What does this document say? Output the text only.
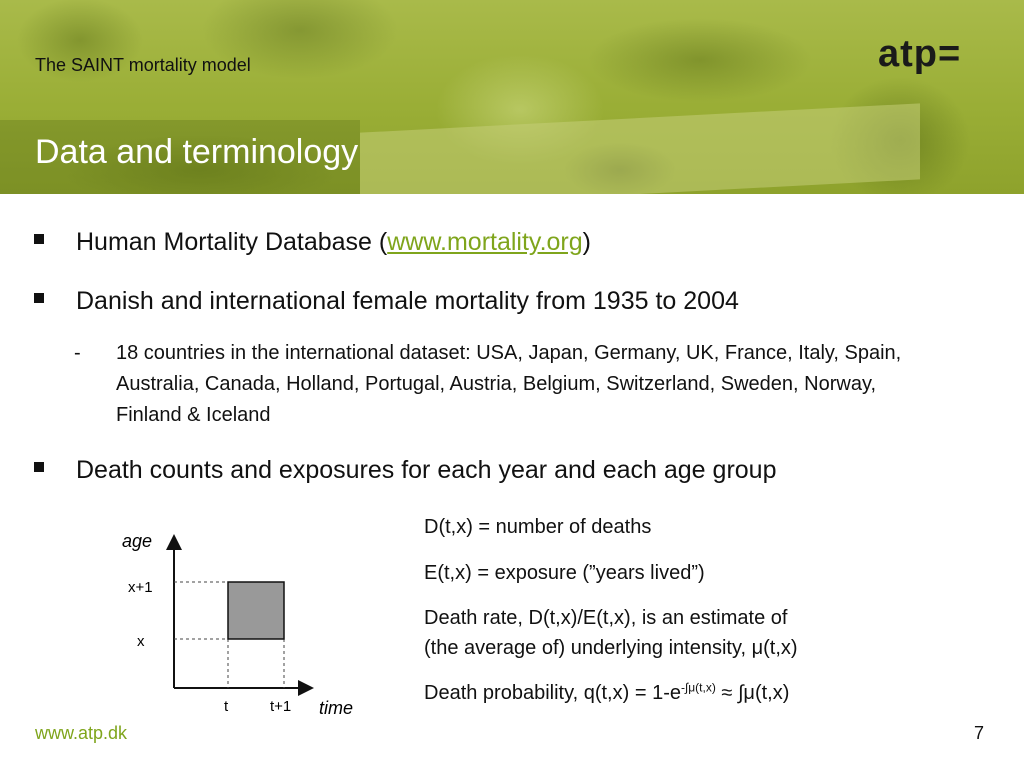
The SAINT mortality model
Data and terminology
atp=
Human Mortality Database (www.mortality.org)
Danish and international female mortality from 1935 to 2004
- 18 countries in the international dataset: USA, Japan, Germany, UK, France, Italy, Spain, Australia, Canada, Holland, Portugal, Austria, Belgium, Switzerland, Sweden, Norway, Finland & Iceland
Death counts and exposures for each year and each age group
age
x+1
x
t	t+1 time

D(t,x) = number of deaths

E(t,x) = exposure (”years lived”)

Death rate, D(t,x)/E(t,x), is an estimate of

(the average of) underlying intensity, μ(t,x)

Death probability, $q(t,x) = 1-e^{-\int\mu(t,x)} \approx \int\mu(t,x)$

www.atp.dk	7
